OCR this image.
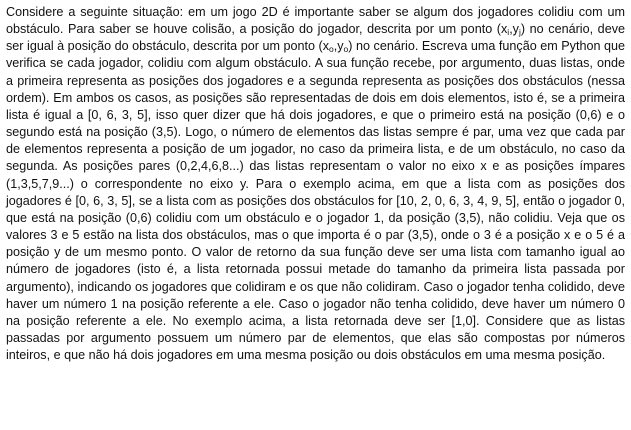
Considere a seguinte situação: em um jogo 2D é importante saber se algum dos jogadores colidiu com um obstáculo. Para saber se houve colisão, a posição do jogador, descrita por um ponto $(x_i,y_j)$ no cenário, deve ser igual à posição do obstáculo, descrita por um ponto $(x_o,y_o)$ no cenário. Escreva uma função em Python que verifica se cada jogador, colidiu com algum obstáculo. A sua função recebe, por argumento, duas listas, onde a primeira representa as posições dos jogadores e a segunda representa as posições dos obstáculos (nessa ordem). Em ambos os casos, as posições são representadas de dois em dois elementos, isto é, se a primeira lista é igual a [0, 6, 3, 5], isso quer dizer que há dois jogadores, e que o primeiro está na posição (0,6) e o segundo está na posição (3,5). Logo, o número de elementos das listas sempre é par, uma vez que cada par de elementos representa a posição de um jogador, no caso da primeira lista, e de um obstáculo, no caso da segunda. As posições pares (0,2,4,6,8...) das listas representam o valor no eixo x e as posições ímpares (1,3,5,7,9...) o correspondente no eixo y. Para o exemplo acima, em que a lista com as posições dos jogadores é [0, 6, 3, 5], se a lista com as posições dos obstáculos for [10, 2, 0, 6, 3, 4, 9, 5], então o jogador 0, que está na posição (0,6) colidiu com um obstáculo e o jogador 1, da posição (3,5), não colidiu. Veja que os valores 3 e 5 estão na lista dos obstáculos, mas o que importa é o par (3,5), onde o 3 é a posição x e o 5 é a posição y de um mesmo ponto. O valor de retorno da sua função deve ser uma lista com tamanho igual ao número de jogadores (isto é, a lista retornada possui metade do tamanho da primeira lista passada por argumento), indicando os jogadores que colidiram e os que não colidiram. Caso o jogador tenha colidido, deve haver um número 1 na posição referente a ele. Caso o jogador não tenha colidido, deve haver um número 0 na posição referente a ele. No exemplo acima, a lista retornada deve ser [1,0]. Considere que as listas passadas por argumento possuem um número par de elementos, que elas são compostas por números inteiros, e que não há dois jogadores em uma mesma posição ou dois obstáculos em uma mesma posição.
